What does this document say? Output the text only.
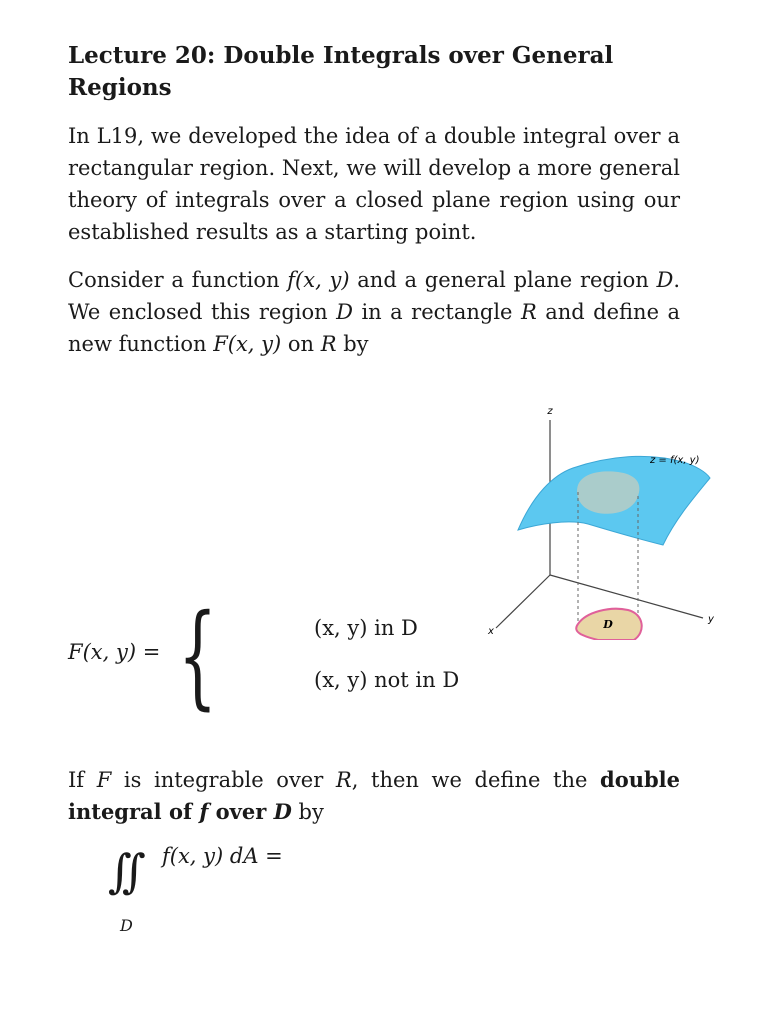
Lecture 20: Double Integrals over General Regions
In L19, we developed the idea of a double integral over a rectangular region. Next, we will develop a more general theory of integrals over a closed plane region using our established results as a starting point.
Consider a function f(x, y) and a general plane region D. We enclosed this region D in a rectangle R and define a new function F(x, y) on R by
z
x
y
z = f(x, y)
D
F(x, y) = {	(x, y) in D
(x, y) not in D
If F is integrable over R, then we define the double integral of f over D by
∫∫
D
f(x, y) dA =
